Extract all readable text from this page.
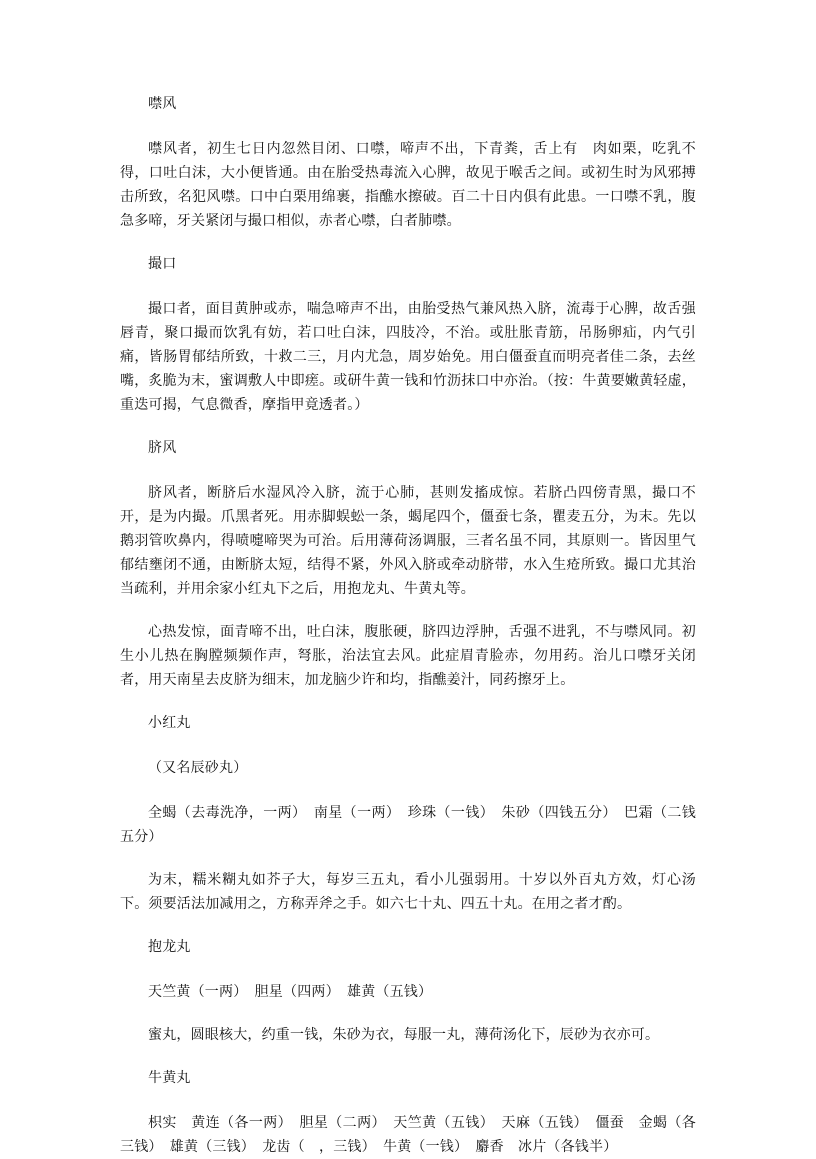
噤风

噤风者，初生七日内忽然目闭、口噤，啼声不出，下青粪，舌上有　肉如栗，吃乳不得，口吐白沫，大小便皆通。由在胎受热毒流入心脾，故见于喉舌之间。或初生时为风邪搏击所致，名犯风噤。口中白栗用绵裹，指醮水擦破。百二十日内俱有此患。一口噤不乳，腹急多啼，牙关紧闭与撮口相似，赤者心噤，白者肺噤。

撮口

撮口者，面目黄肿或赤，喘急啼声不出，由胎受热气兼风热入脐，流毒于心脾，故舌强唇青，聚口撮而饮乳有妨，若口吐白沫，四肢冷，不治。或肚胀青筋，吊肠卵疝，内气引痛，皆肠胃郁结所致，十救二三，月内尤急，周岁始免。用白僵蚕直而明亮者佳二条，去丝嘴，炙脆为末，蜜调敷人中即瘥。或研牛黄一钱和竹沥抹口中亦治。（按：牛黄要嫩黄轻虚，重迭可揭，气息微香，摩指甲竟透者。）

脐风

脐风者，断脐后水湿风冷入脐，流于心肺，甚则发搐成惊。若脐凸四傍青黑，撮口不开，是为内撮。爪黑者死。用赤脚蜈蚣一条，蝎尾四个，僵蚕七条，瞿麦五分，为末。先以鹅羽管吹鼻内，得喷嚏啼哭为可治。后用薄荷汤调服，三者名虽不同，其原则一。皆因里气郁结壅闭不通，由断脐太短，结得不紧，外风入脐或牵动脐带，水入生疮所致。撮口尤其治当疏利，并用余家小红丸下之后，用抱龙丸、牛黄丸等。

心热发惊，面青啼不出，吐白沫，腹胀硬，脐四边浮肿，舌强不进乳，不与噤风同。初生小儿热在胸膛频频作声，弩胀，治法宜去风。此症眉青脸赤，勿用药。治儿口噤牙关闭者，用天南星去皮脐为细末，加龙脑少许和均，指醮姜汁，同药擦牙上。

小红丸

（又名辰砂丸）

全蝎（去毒洗净，一两）　南星（一两）　珍珠（一钱）　朱砂（四钱五分）　巴霜（二钱五分）

为末，糯米糊丸如芥子大，每岁三五丸，看小儿强弱用。十岁以外百丸方效，灯心汤下。须要活法加减用之，方称弄斧之手。如六七十丸、四五十丸。在用之者才酌。

抱龙丸

天竺黄（一两）　胆星（四两）　雄黄（五钱）

蜜丸，圆眼核大，约重一钱，朱砂为衣，每服一丸，薄荷汤化下，辰砂为衣亦可。

牛黄丸

枳实　黄连（各一两）　胆星（二两）　天竺黄（五钱）　天麻（五钱）　僵蚕　金蝎（各三钱）　雄黄（三钱）　龙齿（　，三钱）　牛黄（一钱）　麝香　冰片（各钱半）
